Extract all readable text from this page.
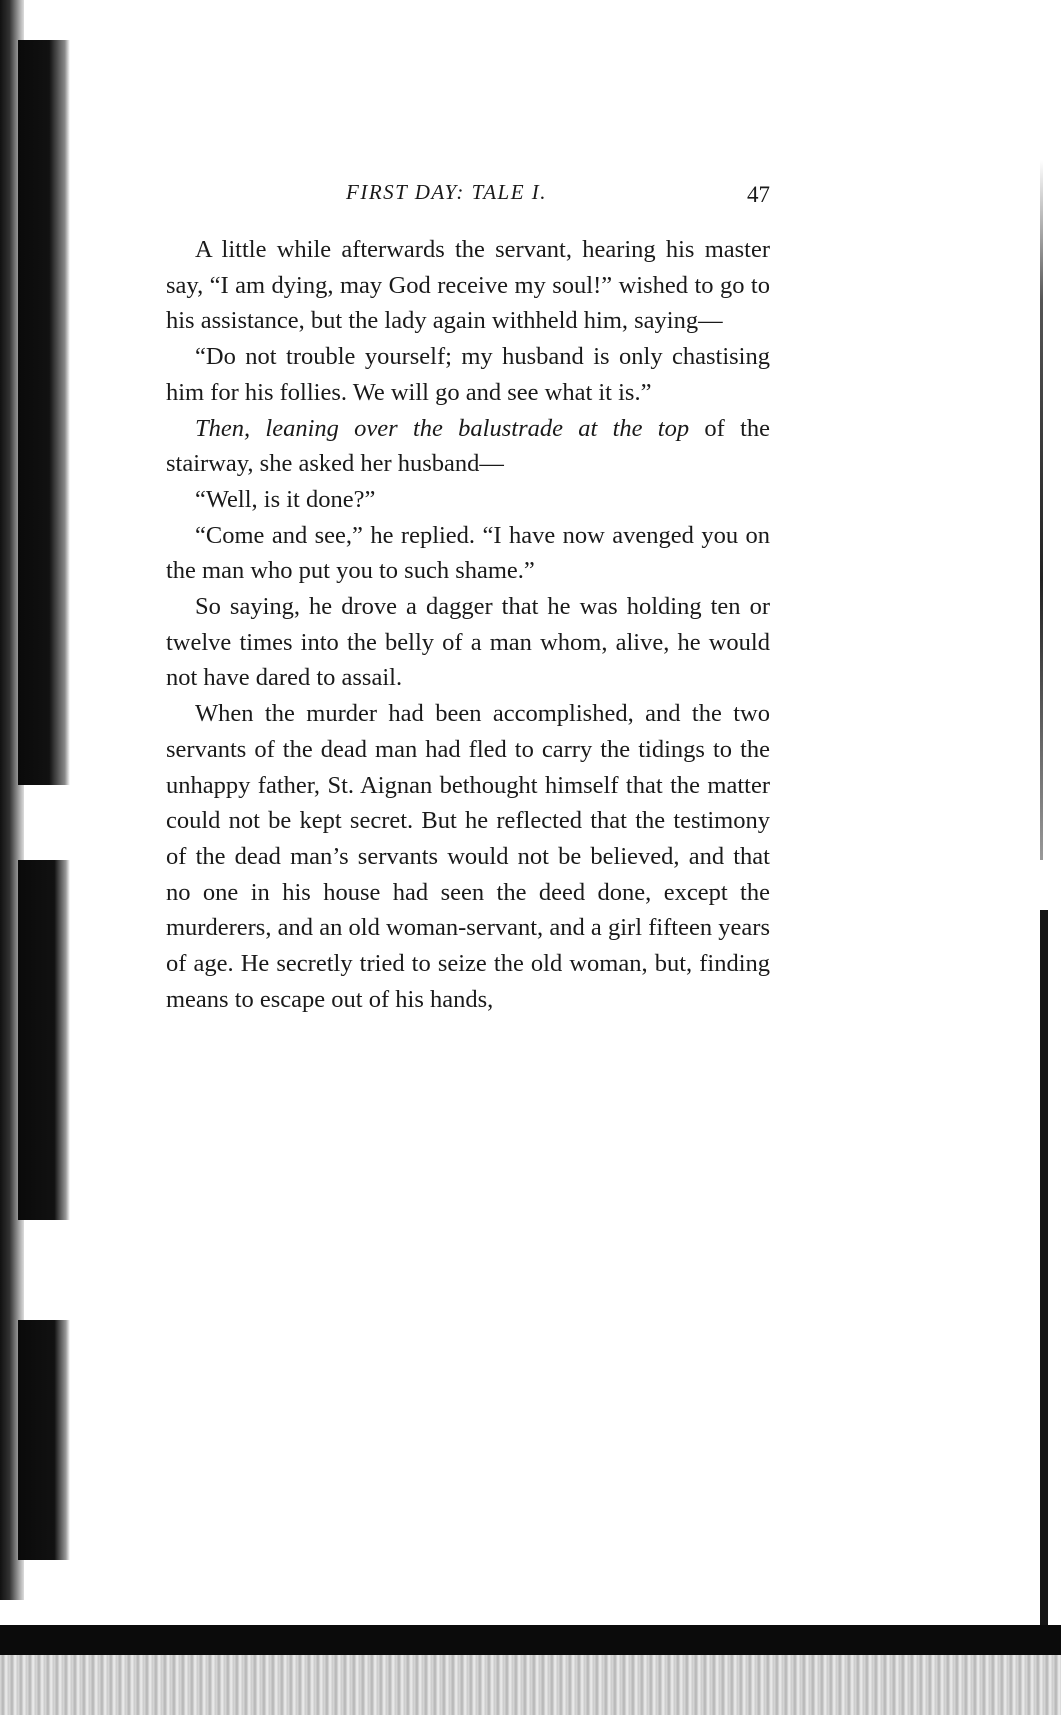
FIRST DAY: TALE I.	47

A little while afterwards the servant, hearing his master say, “I am dying, may God receive my soul!” wished to go to his assistance, but the lady again withheld him, saying—

“Do not trouble yourself; my husband is only chastising him for his follies. We will go and see what it is.”

Then, leaning over the balustrade at the top of the stairway, she asked her husband—

“Well, is it done?”

“Come and see,” he replied. “I have now avenged you on the man who put you to such shame.”

So saying, he drove a dagger that he was holding ten or twelve times into the belly of a man whom, alive, he would not have dared to assail.

When the murder had been accomplished, and the two servants of the dead man had fled to carry the tidings to the unhappy father, St. Aignan bethought himself that the matter could not be kept secret. But he reflected that the testimony of the dead man’s servants would not be believed, and that no one in his house had seen the deed done, except the murderers, and an old woman-servant, and a girl fifteen years of age. He secretly tried to seize the old woman, but, finding means to escape out of his hands,
